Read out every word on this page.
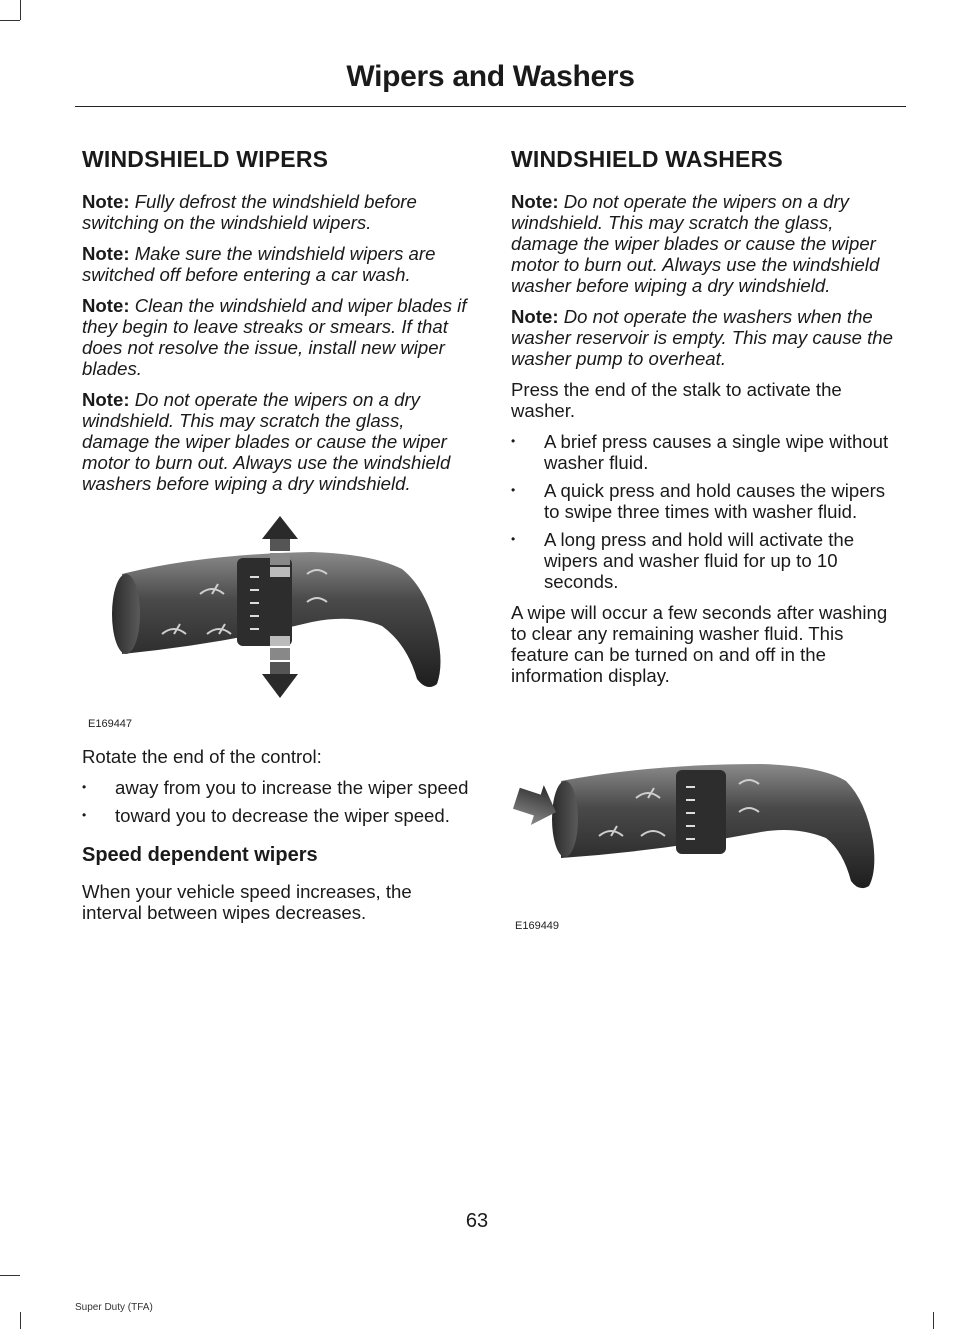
Wipers and Washers
WINDSHIELD WIPERS

Note: Fully defrost the windshield before switching on the windshield wipers.

Note: Make sure the windshield wipers are switched off before entering a car wash.

Note: Clean the windshield and wiper blades if they begin to leave streaks or smears. If that does not resolve the issue, install new wiper blades.

Note: Do not operate the wipers on a dry windshield. This may scratch the glass, damage the wiper blades or cause the wiper motor to burn out. Always use the windshield washers before wiping a dry windshield.

E169447

Rotate the end of the control:

• away from you to increase the wiper speed
• toward you to decrease the wiper speed.
Speed dependent wipers

When your vehicle speed increases, the interval between wipes decreases.

WINDSHIELD WASHERS

Note: Do not operate the wipers on a dry windshield. This may scratch the glass, damage the wiper blades or cause the wiper motor to burn out. Always use the windshield washer before wiping a dry windshield.

Note: Do not operate the washers when the washer reservoir is empty. This may cause the washer pump to overheat.

Press the end of the stalk to activate the washer.

• A brief press causes a single wipe without washer fluid.
• A quick press and hold causes the wipers to swipe three times with washer fluid.
• A long press and hold will activate the wipers and washer fluid for up to 10 seconds.

A wipe will occur a few seconds after washing to clear any remaining washer fluid. This feature can be turned on and off in the information display.

E169449
63
Super Duty (TFA)
